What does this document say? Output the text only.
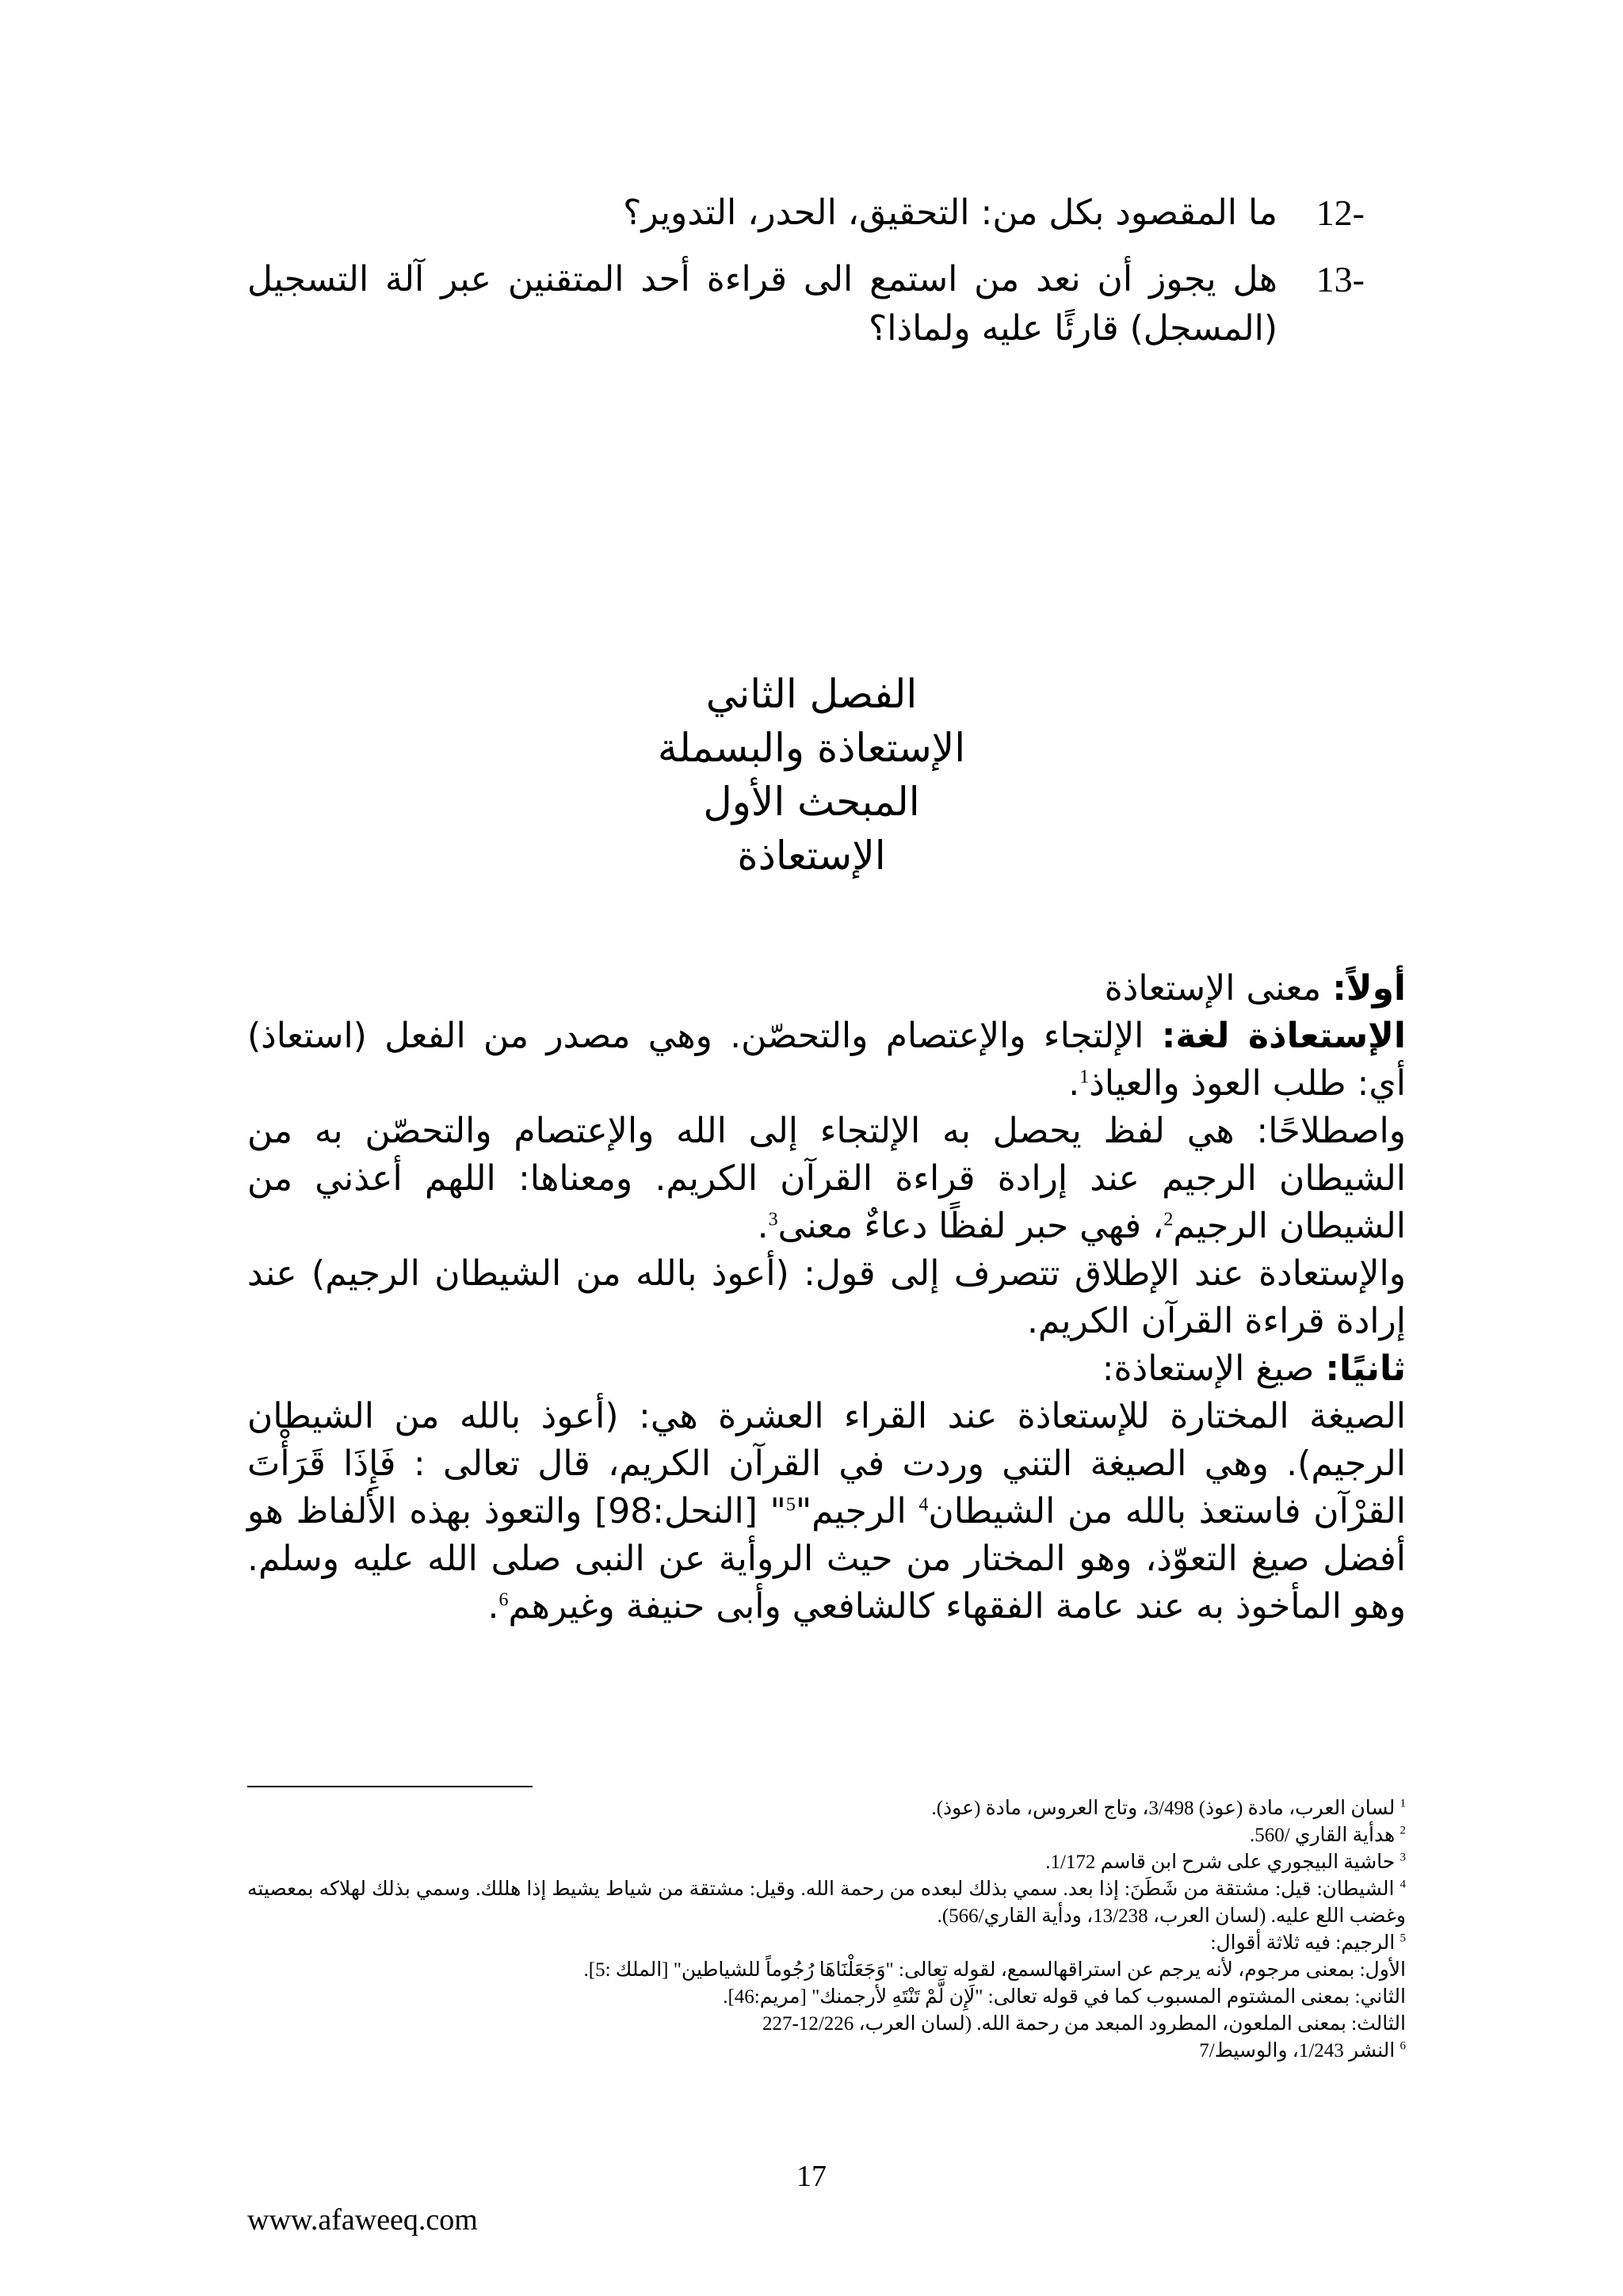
-12
ما المقصود بكل من: التحقيق، الحدر، التدوير؟
-13
هل يجوز أن نعد من استمع الى قراءة أحد المتقنين عبر آلة التسجيل (المسجل) قارئًا عليه ولماذا؟
الفصل الثاني
الإستعاذة والبسملة
المبحث الأول
الإستعاذة

أولاً: معنى الإستعاذة

الإستعاذة لغة: الإلتجاء والإعتصام والتحصّن. وهي مصدر من الفعل (استعاذ) أي: طلب العوذ والعياذ$^1$.

واصطلاحًا: هي لفظ يحصل به الإلتجاء إلى الله والإعتصام والتحصّن به من الشيطان الرجيم عند إرادة قراءة القرآن الكريم. ومعناها: اللهم أعذني من الشيطان الرجيم$^2$، فهي حبر لفظًا دعاءٌ معنى$^3$.

والإستعادة عند الإطلاق تتصرف إلى قول: (أعوذ بالله من الشيطان الرجيم) عند إرادة قراءة القرآن الكريم.

ثانيًا: صيغ الإستعاذة:

الصيغة المختارة للإستعاذة عند القراء العشرة هي: (أعوذ بالله من الشيطان الرجيم). وهي الصيغة التني وردت في القرآن الكريم، قال تعالى : فَإِذَا قَرَأْتَ القرْآن فاستعذ بالله من الشيطان$^4$ الرجيم"$^5$" [النحل:98] والتعوذ بهذه الألفاظ هو أفضل صيغ التعوّذ، وهو المختار من حيث الروأية عن النبى صلى الله عليه وسلم. وهو المأخوذ به عند عامة الفقهاء كالشافعي وأبى حنيفة وغيرهم$^6$.

$^1$ لسان العرب، مادة (عوذ) 3/498، وتاج العروس، مادة (عوذ).
$^2$ هدأية القاري /560.
$^3$ حاشية البيجوري على شرح ابن قاسم 1/172.
$^4$ الشيطان: قيل: مشتقة من شَطَنَ: إذا بعد. سمي بذلك لبعده من رحمة الله. وقيل: مشتقة من شياط يشيط إذا هللك. وسمي بذلك لهلاكه بمعصيته وغضب اللع عليه. (لسان العرب، 13/238، ودأية القاري/566).
$^5$ الرجيم: فيه ثلاثة أقوال:
الأول: بمعنى مرجوم، لأنه يرجم عن استراقهالسمع، لقوله تعالى: "وَجَعَلْنَاهَا رُجُوماً للشياطين" [الملك :5].
الثاني: بمعنى المشتوم المسبوب كما في قوله تعالى: "لَإِن لَّمْ تَنْتَهِ لأرجمنك" [مريم:46].
الثالث: بمعنى الملعون، المطرود المبعد من رحمة الله. (لسان العرب، 12/226-227
$^6$ النشر 1/243، والوسيط/7
17
www.afaweeq.com
